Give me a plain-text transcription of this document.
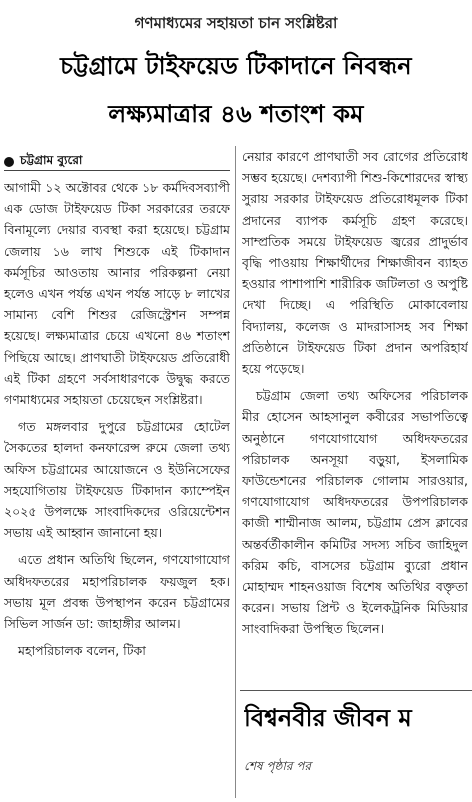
গণমাধ্যমের সহায়তা চান সংশ্লিষ্টরা
চট্টগ্রামে টাইফয়েড টিকাদানে নিবন্ধন
লক্ষ্যমাত্রার ৪৬ শতাংশ কম
চট্টগ্রাম ব্যুরো

আগামী ১২ অক্টোবর থেকে ১৮ কর্মদিবসব্যাপী এক ডোজ টাইফয়েড টিকা সরকারের তরফে বিনামূল্যে দেয়ার ব্যবস্থা করা হয়েছে। চট্টগ্রাম জেলায় ১৬ লাখ শিশুকে এই টিকাদান কর্মসূচির আওতায় আনার পরিকল্পনা নেয়া হলেও এখন পর্যন্ত এখন পর্যন্ত সাড়ে ৮ লাখের সামান্য বেশি শিশুর রেজিস্ট্রেশন সম্পন্ন হয়েছে। লক্ষ্যমাত্রার চেয়ে এখনো ৪৬ শতাংশ পিছিয়ে আছে। প্রাণঘাতী টাইফয়েড প্রতিরোধী এই টিকা গ্রহণে সর্বসাধারণকে উদ্বুদ্ধ করতে গণমাধ্যমের সহায়তা চেয়েছেন সংশ্লিষ্টরা।

গত মঙ্গলবার দুপুরে চট্টগ্রামের হোটেল সৈকতের হালদা কনফারেন্স রুমে জেলা তথ্য অফিস চট্টগ্রামের আয়োজনে ও ইউনিসেফের সহযোগিতায় টাইফয়েড টিকাদান ক্যাম্পেইন ২০২৫ উপলক্ষে সাংবাদিকদের ওরিয়েন্টেশন সভায় এই আহ্বান জানানো হয়।

এতে প্রধান অতিথি ছিলেন, গণযোগাযোগ অধিদফতরের মহাপরিচালক ফয়জুল হক। সভায় মূল প্রবন্ধ উপস্থাপন করেন চট্টগ্রামের সিভিল সার্জন ডা: জাহাঙ্গীর আলম।

মহাপরিচালক বলেন, টিকা

নেয়ার কারণে প্রাণঘাতী সব রোগের প্রতিরোধ সম্ভব হয়েছে। দেশব্যাপী শিশু-কিশোরদের স্বাস্থ্য সুরায় সরকার টাইফয়েড প্রতিরোধমূলক টিকা প্রদানের ব্যাপক কর্মসূচি গ্রহণ করেছে। সাম্প্রতিক সময়ে টাইফয়েড জ্বরের প্রাদুর্ভাব বৃদ্ধি পাওয়ায় শিক্ষার্থীদের শিক্ষাজীবন ব্যাহত হওয়ার পাশাপাশি শারীরিক জটিলতা ও অপুষ্টি দেখা দিচ্ছে। এ পরিস্থিতি মোকাবেলায় বিদ্যালয়, কলেজ ও মাদরাসাসহ সব শিক্ষা প্রতিষ্ঠানে টাইফয়েড টিকা প্রদান অপরিহার্য হয়ে পড়েছে।

চট্টগ্রাম জেলা তথ্য অফিসের পরিচালক মীর হোসেন আহসানুল কবীরের সভাপতিত্বে অনুষ্ঠানে গণযোগাযোগ অধিদফতরের পরিচালক অনসূয়া বড়ুয়া, ইসলামিক ফাউন্ডেশনের পরিচালক গোলাম সারওয়ার, গণযোগাযোগ অধিদফতরের উপপরিচালক কাজী শাম্মীনাজ আলম, চট্টগ্রাম প্রেস ক্লাবের অন্তর্বর্তীকালীন কমিটির সদস্য সচিব জাহিদুল করিম কচি, বাসসের চট্টগ্রাম ব্যুরো প্রধান মোহাম্মদ শাহনওয়াজ বিশেষ অতিথির বক্তৃতা করেন। সভায় প্রিন্ট ও ইলেকট্রনিক মিডিয়ার সাংবাদিকরা উপস্থিত ছিলেন।

বিশ্বনবীর জীবন ম
শেষ পৃষ্ঠার পর
